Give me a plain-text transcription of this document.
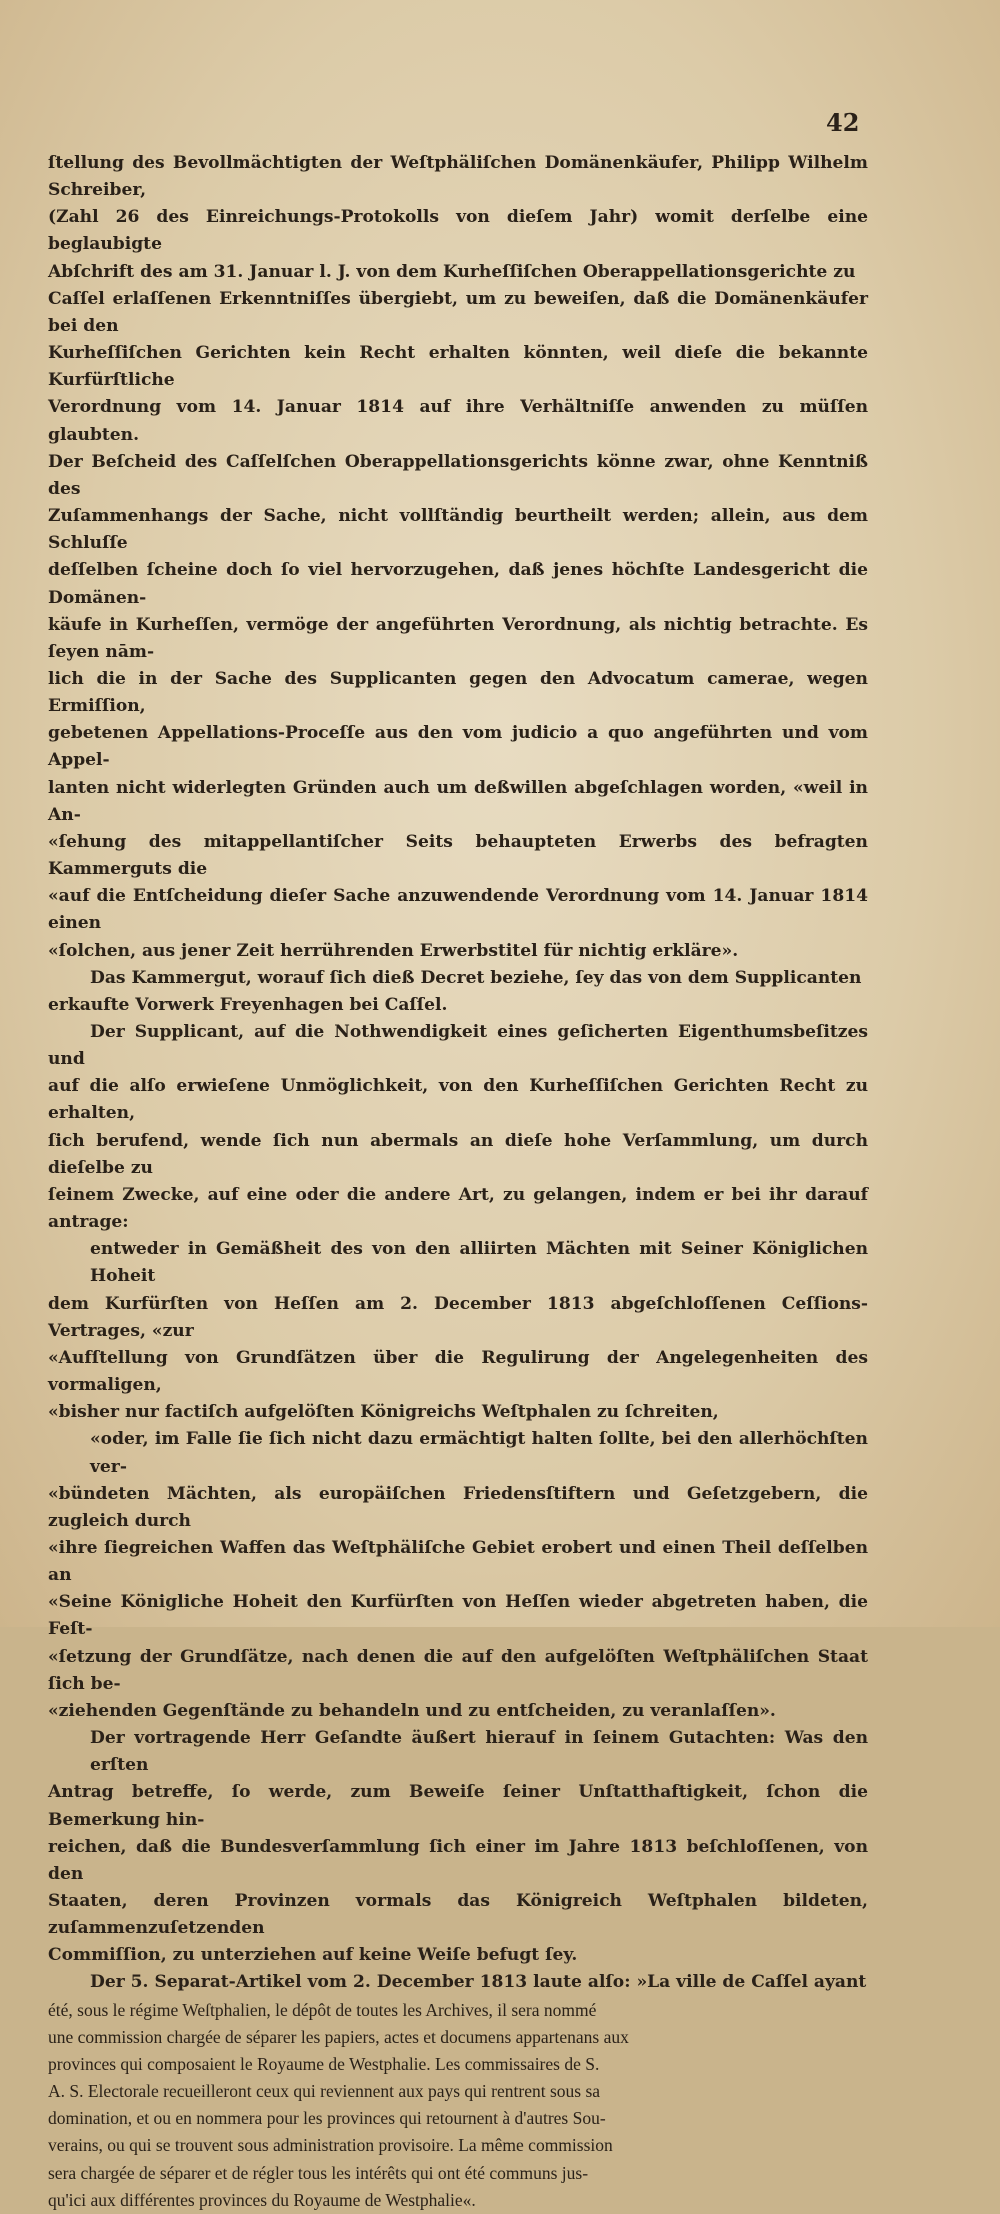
42

ſtellung des Bevollmächtigten der Weſtphäliſchen Domänenkäufer, Philipp Wilhelm Schreiber,
(Zahl 26 des Einreichungs-Protokolls von dieſem Jahr) womit derſelbe eine beglaubigte
Abſchrift des am 31. Januar l. J. von dem Kurheſſiſchen Oberappellationsgerichte zu
Caſſel erlaſſenen Erkenntniſſes übergiebt, um zu beweiſen, daß die Domänenkäufer bei den
Kurheſſiſchen Gerichten kein Recht erhalten könnten, weil dieſe die bekannte Kurfürſtliche
Verordnung vom 14. Januar 1814 auf ihre Verhältniſſe anwenden zu müſſen glaubten.
Der Beſcheid des Caſſelſchen Oberappellationsgerichts könne zwar, ohne Kenntniß des
Zuſammenhangs der Sache, nicht vollſtändig beurtheilt werden; allein, aus dem Schluſſe
deſſelben ſcheine doch ſo viel hervorzugehen, daß jenes höchſte Landesgericht die Domänen-
käufe in Kurheſſen, vermöge der angeführten Verordnung, als nichtig betrachte. Es ſeyen nām-
lich die in der Sache des Supplicanten gegen den Advocatum camerae, wegen Ermiſſion,
gebetenen Appellations-Proceſſe aus den vom judicio a quo angeführten und vom Appel-
lanten nicht widerlegten Gründen auch um deßwillen abgeſchlagen worden, «weil in An-
«ſehung des mitappellantiſcher Seits behaupteten Erwerbs des befragten Kammerguts die
«auf die Entſcheidung dieſer Sache anzuwendende Verordnung vom 14. Januar 1814 einen
«ſolchen, aus jener Zeit herrührenden Erwerbstitel für nichtig erkläre».

Das Kammergut, worauf ſich dieß Decret beziehe, ſey das von dem Supplicanten
erkaufte Vorwerk Freyenhagen bei Caſſel.

Der Supplicant, auf die Nothwendigkeit eines geſicherten Eigenthumsbeſitzes und
auf die alſo erwieſene Unmöglichkeit, von den Kurheſſiſchen Gerichten Recht zu erhalten,
ſich berufend, wende ſich nun abermals an dieſe hohe Verſammlung, um durch dieſelbe zu
ſeinem Zwecke, auf eine oder die andere Art, zu gelangen, indem er bei ihr darauf antrage:

entweder in Gemäßheit des von den alliirten Mächten mit Seiner Königlichen Hoheit
dem Kurfürſten von Heſſen am 2. December 1813 abgeſchloſſenen Ceſſions-Vertrages, «zur
«Aufſtellung von Grundſätzen über die Regulirung der Angelegenheiten des vormaligen,
«bisher nur factiſch aufgelöſten Königreichs Weſtphalen zu ſchreiten,

«oder, im Falle ſie ſich nicht dazu ermächtigt halten ſollte, bei den allerhöchſten ver-
«bündeten Mächten, als europäiſchen Friedensſtiftern und Geſetzgebern, die zugleich durch
«ihre ſiegreichen Waffen das Weſtphäliſche Gebiet erobert und einen Theil deſſelben an
«Seine Königliche Hoheit den Kurfürſten von Heſſen wieder abgetreten haben, die Feſt-
«ſetzung der Grundſätze, nach denen die auf den aufgelöſten Weſtphäliſchen Staat ſich be-
«ziehenden Gegenſtände zu behandeln und zu entſcheiden, zu veranlaſſen».

Der vortragende Herr Geſandte äußert hierauf in ſeinem Gutachten: Was den erſten
Antrag betreffe, ſo werde, zum Beweiſe ſeiner Unſtatthaftigkeit, ſchon die Bemerkung hin-
reichen, daß die Bundesverſammlung ſich einer im Jahre 1813 beſchloſſenen, von den
Staaten, deren Provinzen vormals das Königreich Weſtphalen bildeten, zuſammenzuſetzenden
Commiſſion, zu unterziehen auf keine Weiſe befugt ſey.

Der 5. Separat-Artikel vom 2. December 1813 laute alſo: »La ville de Caſſel ayant
été, sous le régime Weſtphalien, le dépôt de toutes les Archives, il sera nommé
une commission chargée de séparer les papiers, actes et documens appartenans aux
provinces qui composaient le Royaume de Westphalie. Les commissaires de S.
A. S. Electorale recueilleront ceux qui reviennent aux pays qui rentrent sous sa
domination, et ou en nommera pour les provinces qui retournent à d'autres Sou-
verains, ou qui se trouvent sous administration provisoire. La même commission
sera chargée de séparer et de régler tous les intérêts qui ont été communs jus-
qu'ici aux différentes provinces du Royaume de Westphalie«.
